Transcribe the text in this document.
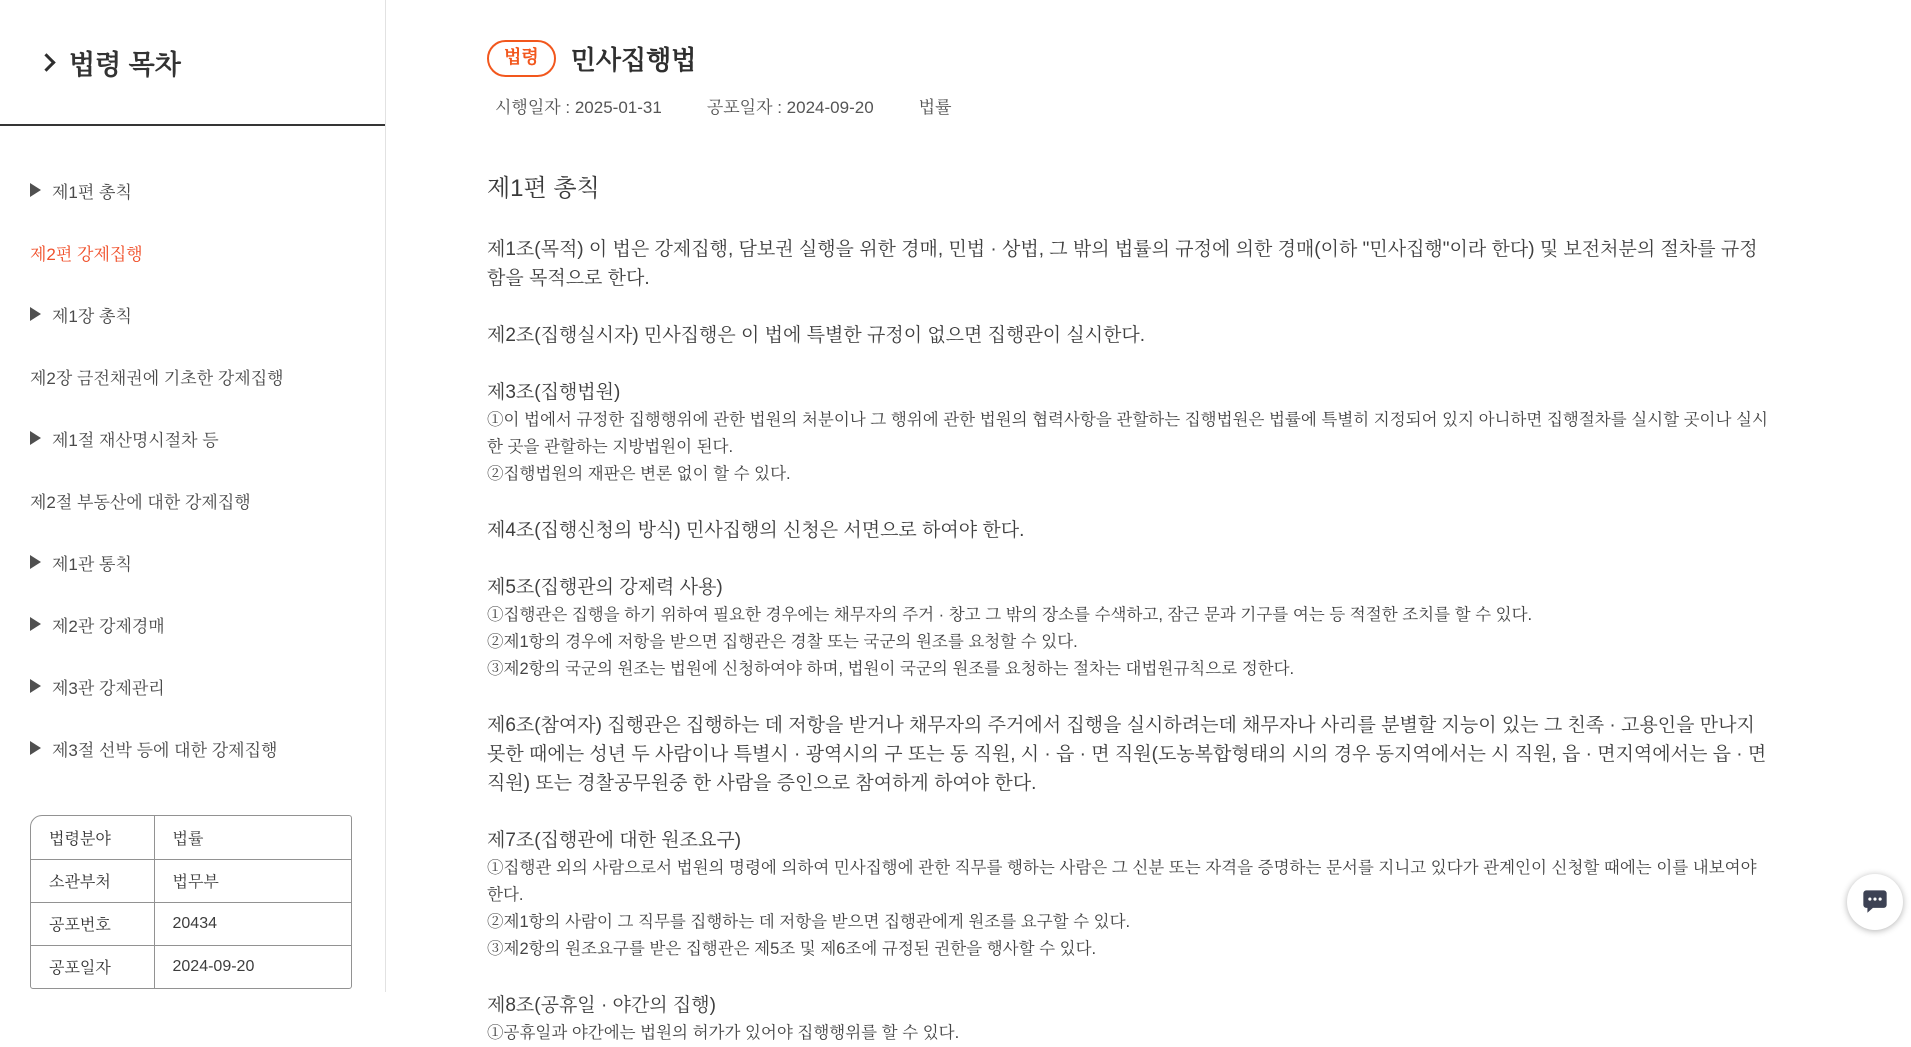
법령 목차
제1편 총칙
제2편 강제집행
제1장 총칙
제2장 금전채권에 기초한 강제집행
제1절 재산명시절차 등
제2절 부동산에 대한 강제집행
제1관 통칙
제2관 강제경매
제3관 강제관리
제3절 선박 등에 대한 강제집행
법령분야	법률
소관부처	법무부
공포번호	20434
공포일자	2024-09-20
법령	민사집행법
시행일자 : 2025-01-31	공포일자 : 2024-09-20	법률
제1편 총칙

제1조(목적) 이 법은 강제집행, 담보권 실행을 위한 경매, 민법 · 상법, 그 밖의 법률의 규정에 의한 경매(이하 "민사집행"이라 한다) 및 보전처분의 절차를 규정함을 목적으로 한다.

제2조(집행실시자) 민사집행은 이 법에 특별한 규정이 없으면 집행관이 실시한다.

제3조(집행법원)

①이 법에서 규정한 집행행위에 관한 법원의 처분이나 그 행위에 관한 법원의 협력사항을 관할하는 집행법원은 법률에 특별히 지정되어 있지 아니하면 집행절차를 실시할 곳이나 실시한 곳을 관할하는 지방법원이 된다.

②집행법원의 재판은 변론 없이 할 수 있다.

제4조(집행신청의 방식) 민사집행의 신청은 서면으로 하여야 한다.

제5조(집행관의 강제력 사용)

①집행관은 집행을 하기 위하여 필요한 경우에는 채무자의 주거 · 창고 그 밖의 장소를 수색하고, 잠근 문과 기구를 여는 등 적절한 조치를 할 수 있다.

②제1항의 경우에 저항을 받으면 집행관은 경찰 또는 국군의 원조를 요청할 수 있다.

③제2항의 국군의 원조는 법원에 신청하여야 하며, 법원이 국군의 원조를 요청하는 절차는 대법원규칙으로 정한다.

제6조(참여자) 집행관은 집행하는 데 저항을 받거나 채무자의 주거에서 집행을 실시하려는데 채무자나 사리를 분별할 지능이 있는 그 친족 · 고용인을 만나지 못한 때에는 성년 두 사람이나 특별시 · 광역시의 구 또는 동 직원, 시 · 읍 · 면 직원(도농복합형태의 시의 경우 동지역에서는 시 직원, 읍 · 면지역에서는 읍 · 면 직원) 또는 경찰공무원중 한 사람을 증인으로 참여하게 하여야 한다.

제7조(집행관에 대한 원조요구)

①집행관 외의 사람으로서 법원의 명령에 의하여 민사집행에 관한 직무를 행하는 사람은 그 신분 또는 자격을 증명하는 문서를 지니고 있다가 관계인이 신청할 때에는 이를 내보여야 한다.

②제1항의 사람이 그 직무를 집행하는 데 저항을 받으면 집행관에게 원조를 요구할 수 있다.

③제2항의 원조요구를 받은 집행관은 제5조 및 제6조에 규정된 권한을 행사할 수 있다.

제8조(공휴일 · 야간의 집행)

①공휴일과 야간에는 법원의 허가가 있어야 집행행위를 할 수 있다.
